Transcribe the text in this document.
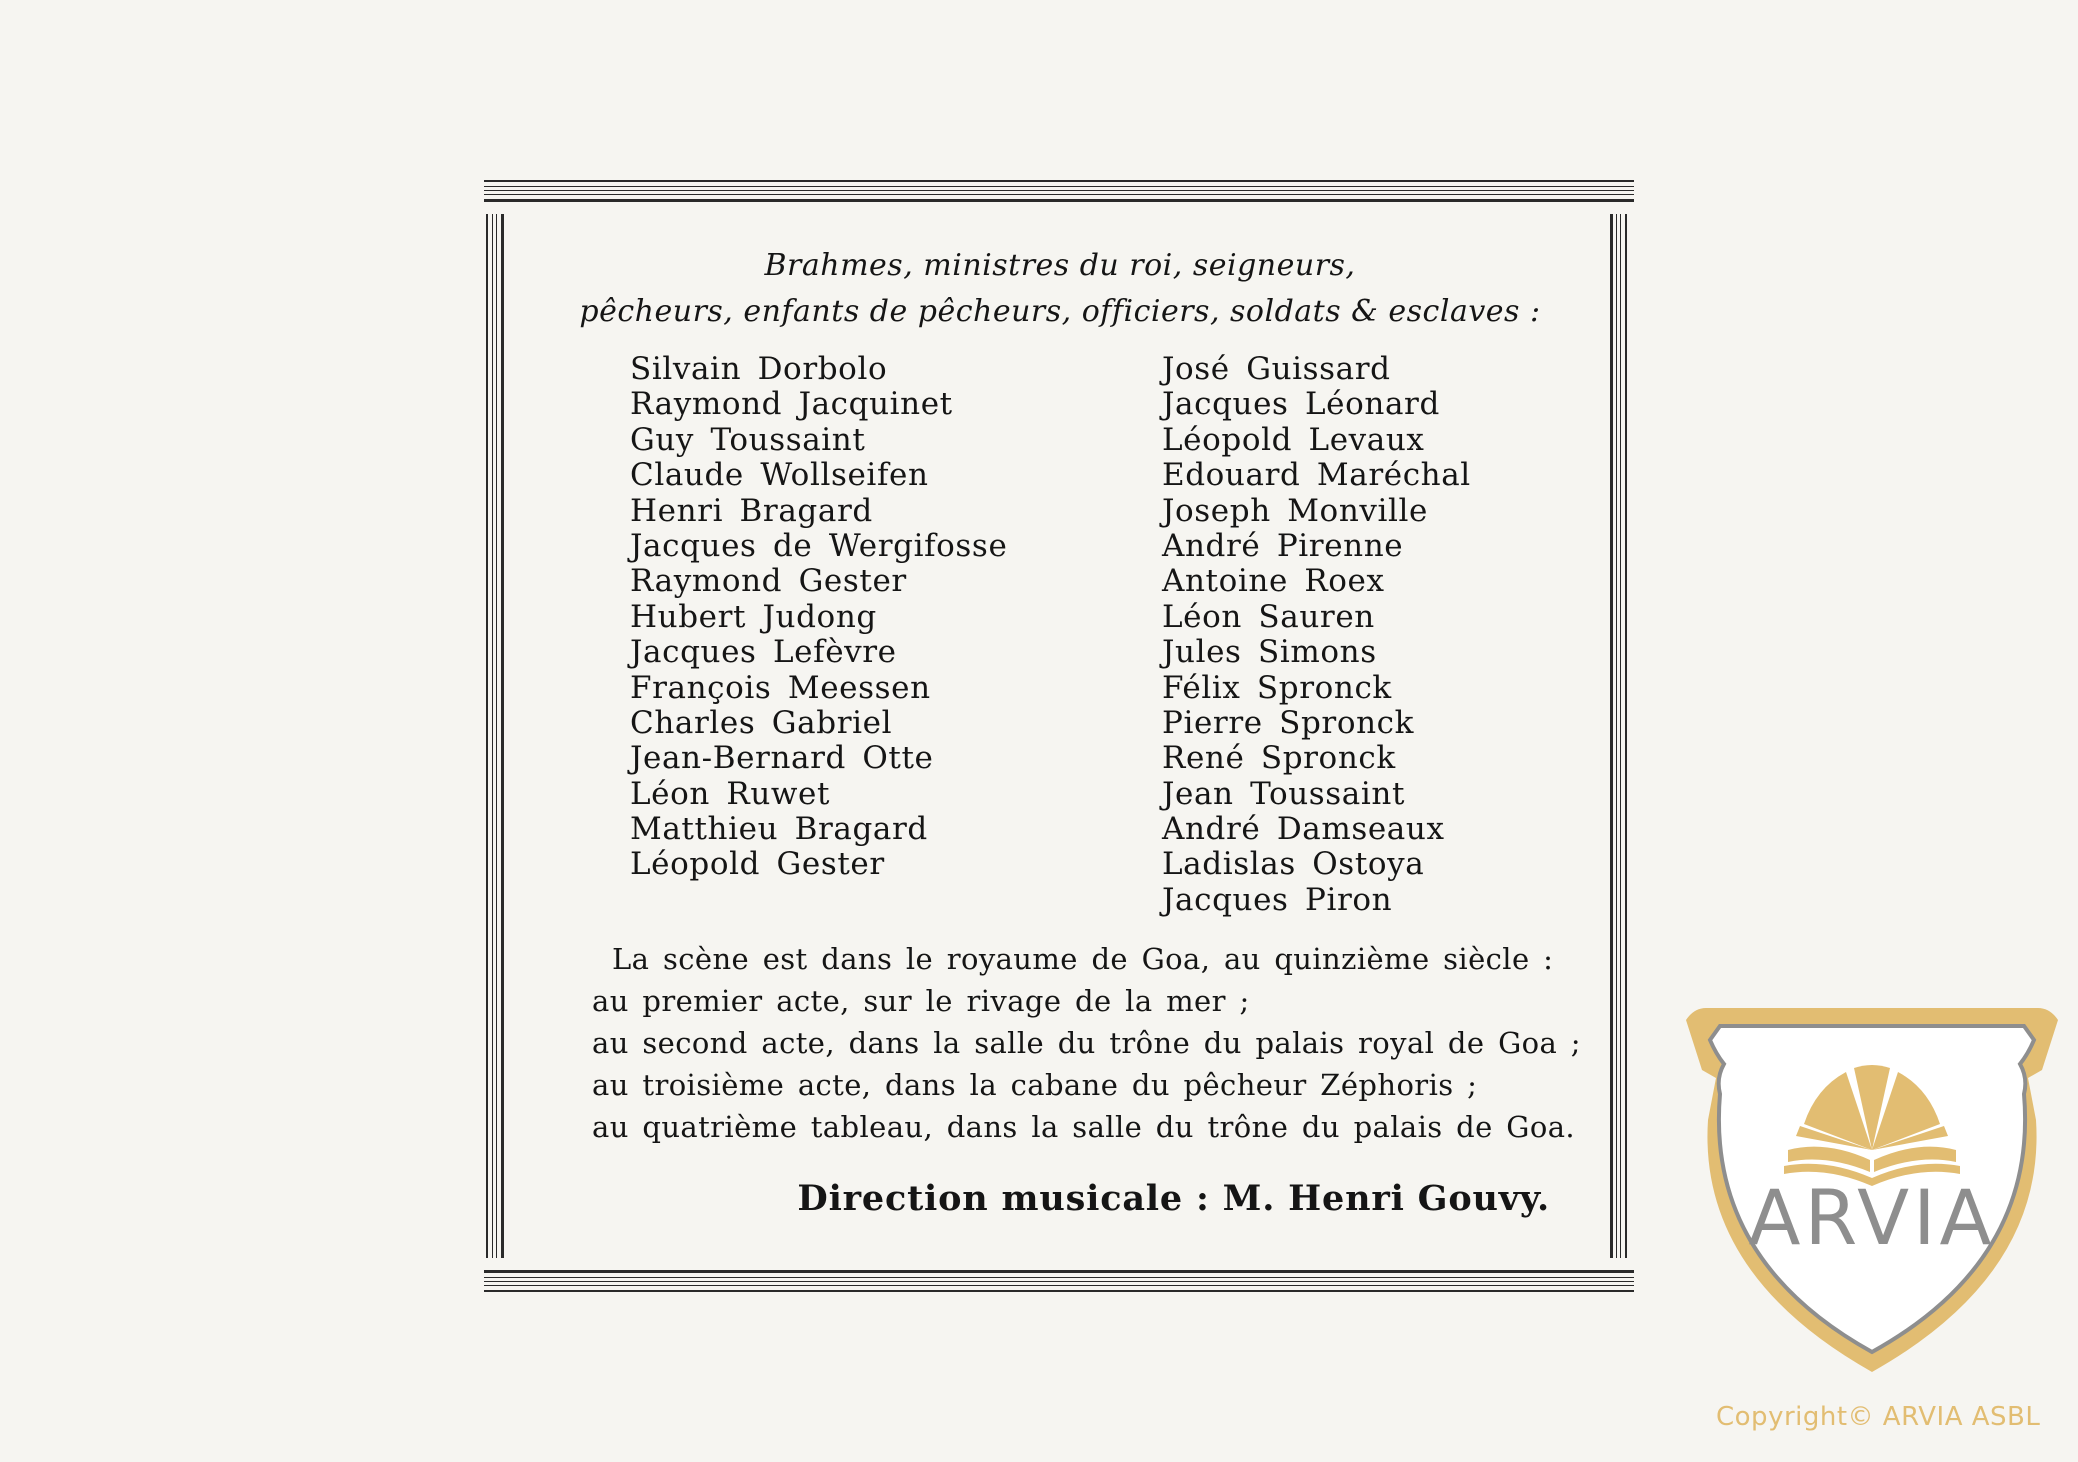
Brahmes, ministres du roi, seigneurs,
pêcheurs, enfants de pêcheurs, officiers, soldats & esclaves :
Silvain Dorbolo
Raymond Jacquinet
Guy Toussaint
Claude Wollseifen
Henri Bragard
Jacques de Wergifosse
Raymond Gester
Hubert Judong
Jacques Lefèvre
François Meessen
Charles Gabriel
Jean-Bernard Otte
Léon Ruwet
Matthieu Bragard
Léopold Gester
José Guissard
Jacques Léonard
Léopold Levaux
Edouard Maréchal
Joseph Monville
André Pirenne
Antoine Roex
Léon Sauren
Jules Simons
Félix Spronck
Pierre Spronck
René Spronck
Jean Toussaint
André Damseaux
Ladislas Ostoya
Jacques Piron
La scène est dans le royaume de Goa, au quinzième siècle :
au premier acte, sur le rivage de la mer ;
au second acte, dans la salle du trône du palais royal de Goa ;
au troisième acte, dans la cabane du pêcheur Zéphoris ;
au quatrième tableau, dans la salle du trône du palais de Goa.
Direction musicale : M. Henri Gouvy.	ARVIA
Copyright© ARVIA ASBL
